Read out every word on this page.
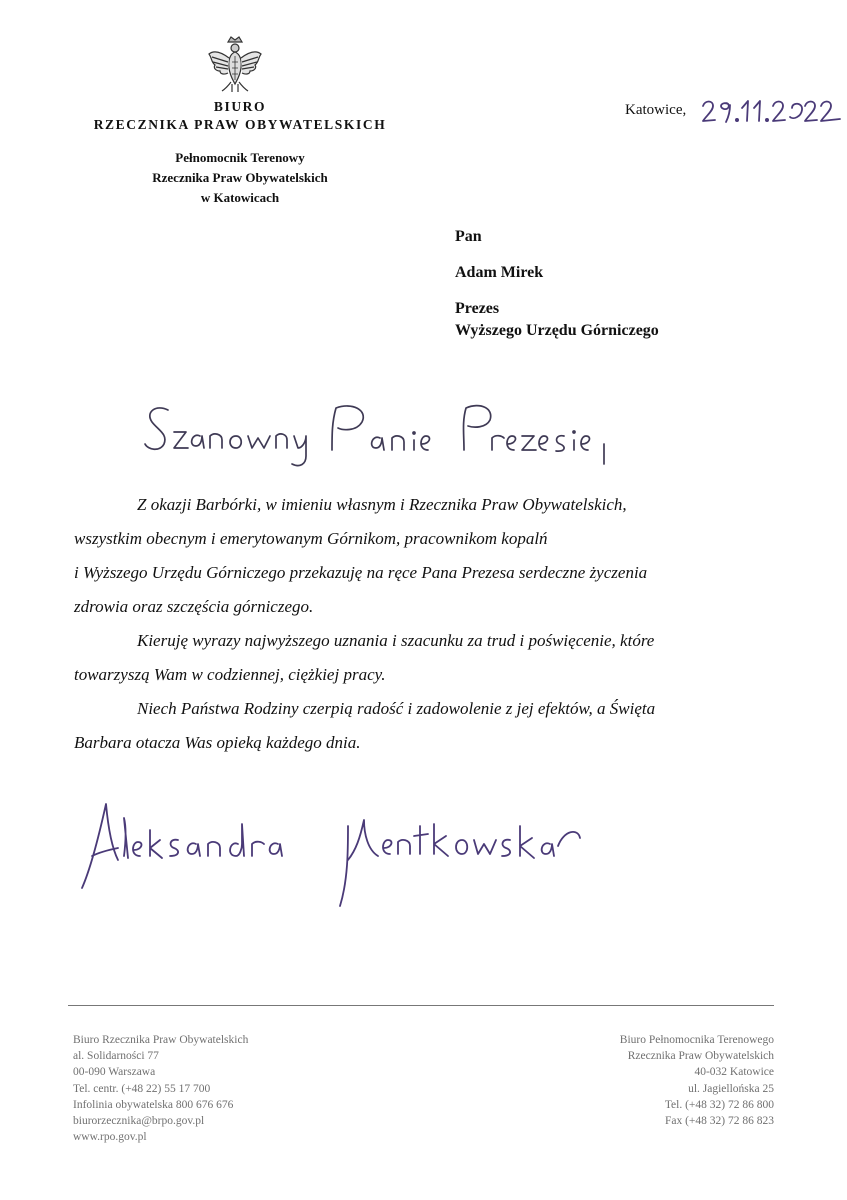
BIURO
RZECZNIKA PRAW OBYWATELSKICH
Pełnomocnik Terenowy
Rzecznika Praw Obywatelskich
w Katowicach
Katowice,
29.11.2022
Pan
Adam Mirek
Prezes
Wyższego Urzędu Górniczego
Szanowny Panie Prezesie,

Z okazji Barbórki, w imieniu własnym i Rzecznika Praw Obywatelskich,

wszystkim obecnym i emerytowanym Górnikom, pracownikom kopalń

i Wyższego Urzędu Górniczego przekazuję na ręce Pana Prezesa serdeczne życzenia

zdrowia oraz szczęścia górniczego.

Kieruję wyrazy najwyższego uznania i szacunku za trud i poświęcenie, które

towarzyszą Wam w codziennej, ciężkiej pracy.

Niech Państwa Rodziny czerpią radość i zadowolenie z jej efektów, a Święta

Barbara otacza Was opieką każdego dnia.

Aleksandra Wentkowska
Biuro Rzecznika Praw Obywatelskich
al. Solidarności 77
00-090 Warszawa
Tel. centr. (+48 22) 55 17 700
Infolinia obywatelska 800 676 676
biurorzecznika@brpo.gov.pl
www.rpo.gov.pl
Biuro Pełnomocnika Terenowego
Rzecznika Praw Obywatelskich
40-032 Katowice
ul. Jagiellońska 25
Tel. (+48 32) 72 86 800
Fax (+48 32) 72 86 823
